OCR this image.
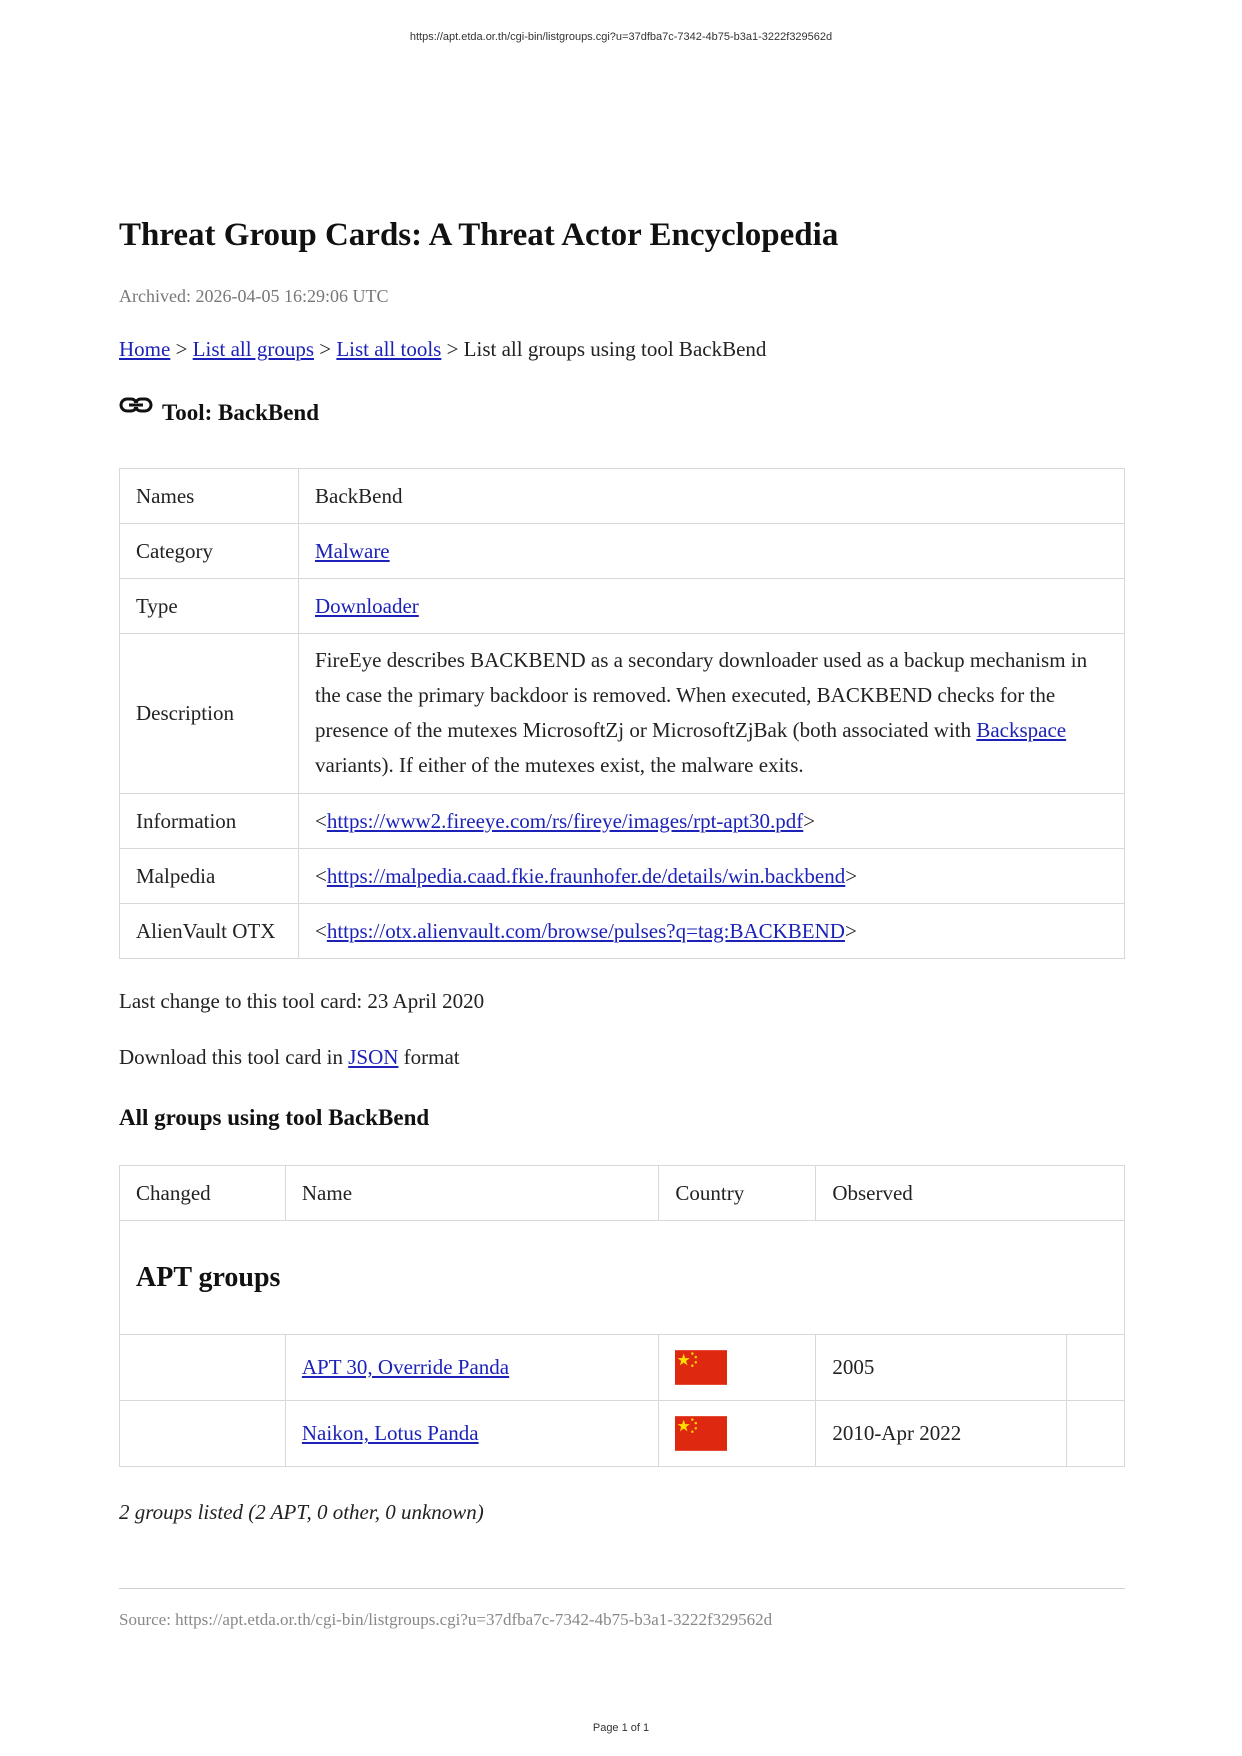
https://apt.etda.or.th/cgi-bin/listgroups.cgi?u=37dfba7c-7342-4b75-b3a1-3222f329562d
Threat Group Cards: A Threat Actor Encyclopedia
Archived: 2026-04-05 16:29:06 UTC
Home > List all groups > List all tools > List all groups using tool BackBend
Tool: BackBend
Names	BackBend
Category	Malware
Type	Downloader
Description	FireEye describes BACKBEND as a secondary downloader used as a backup mechanism in the case the primary backdoor is removed. When executed, BACKBEND checks for the presence of the mutexes MicrosoftZj or MicrosoftZjBak (both associated with Backspace variants). If either of the mutexes exist, the malware exits.
Information	<https://www2.fireeye.com/rs/fireye/images/rpt-apt30.pdf>
Malpedia	<https://malpedia.caad.fkie.fraunhofer.de/details/win.backbend>
AlienVault OTX	<https://otx.alienvault.com/browse/pulses?q=tag:BACKBEND>
Last change to this tool card: 23 April 2020
Download this tool card in JSON format
All groups using tool BackBend
Changed	Name	Country	Observed	
APT groups				
	APT 30, Override Panda		2005	
	Naikon, Lotus Panda		2010-Apr 2022	
2 groups listed (2 APT, 0 other, 0 unknown)
Source: https://apt.etda.or.th/cgi-bin/listgroups.cgi?u=37dfba7c-7342-4b75-b3a1-3222f329562d
Page 1 of 1
